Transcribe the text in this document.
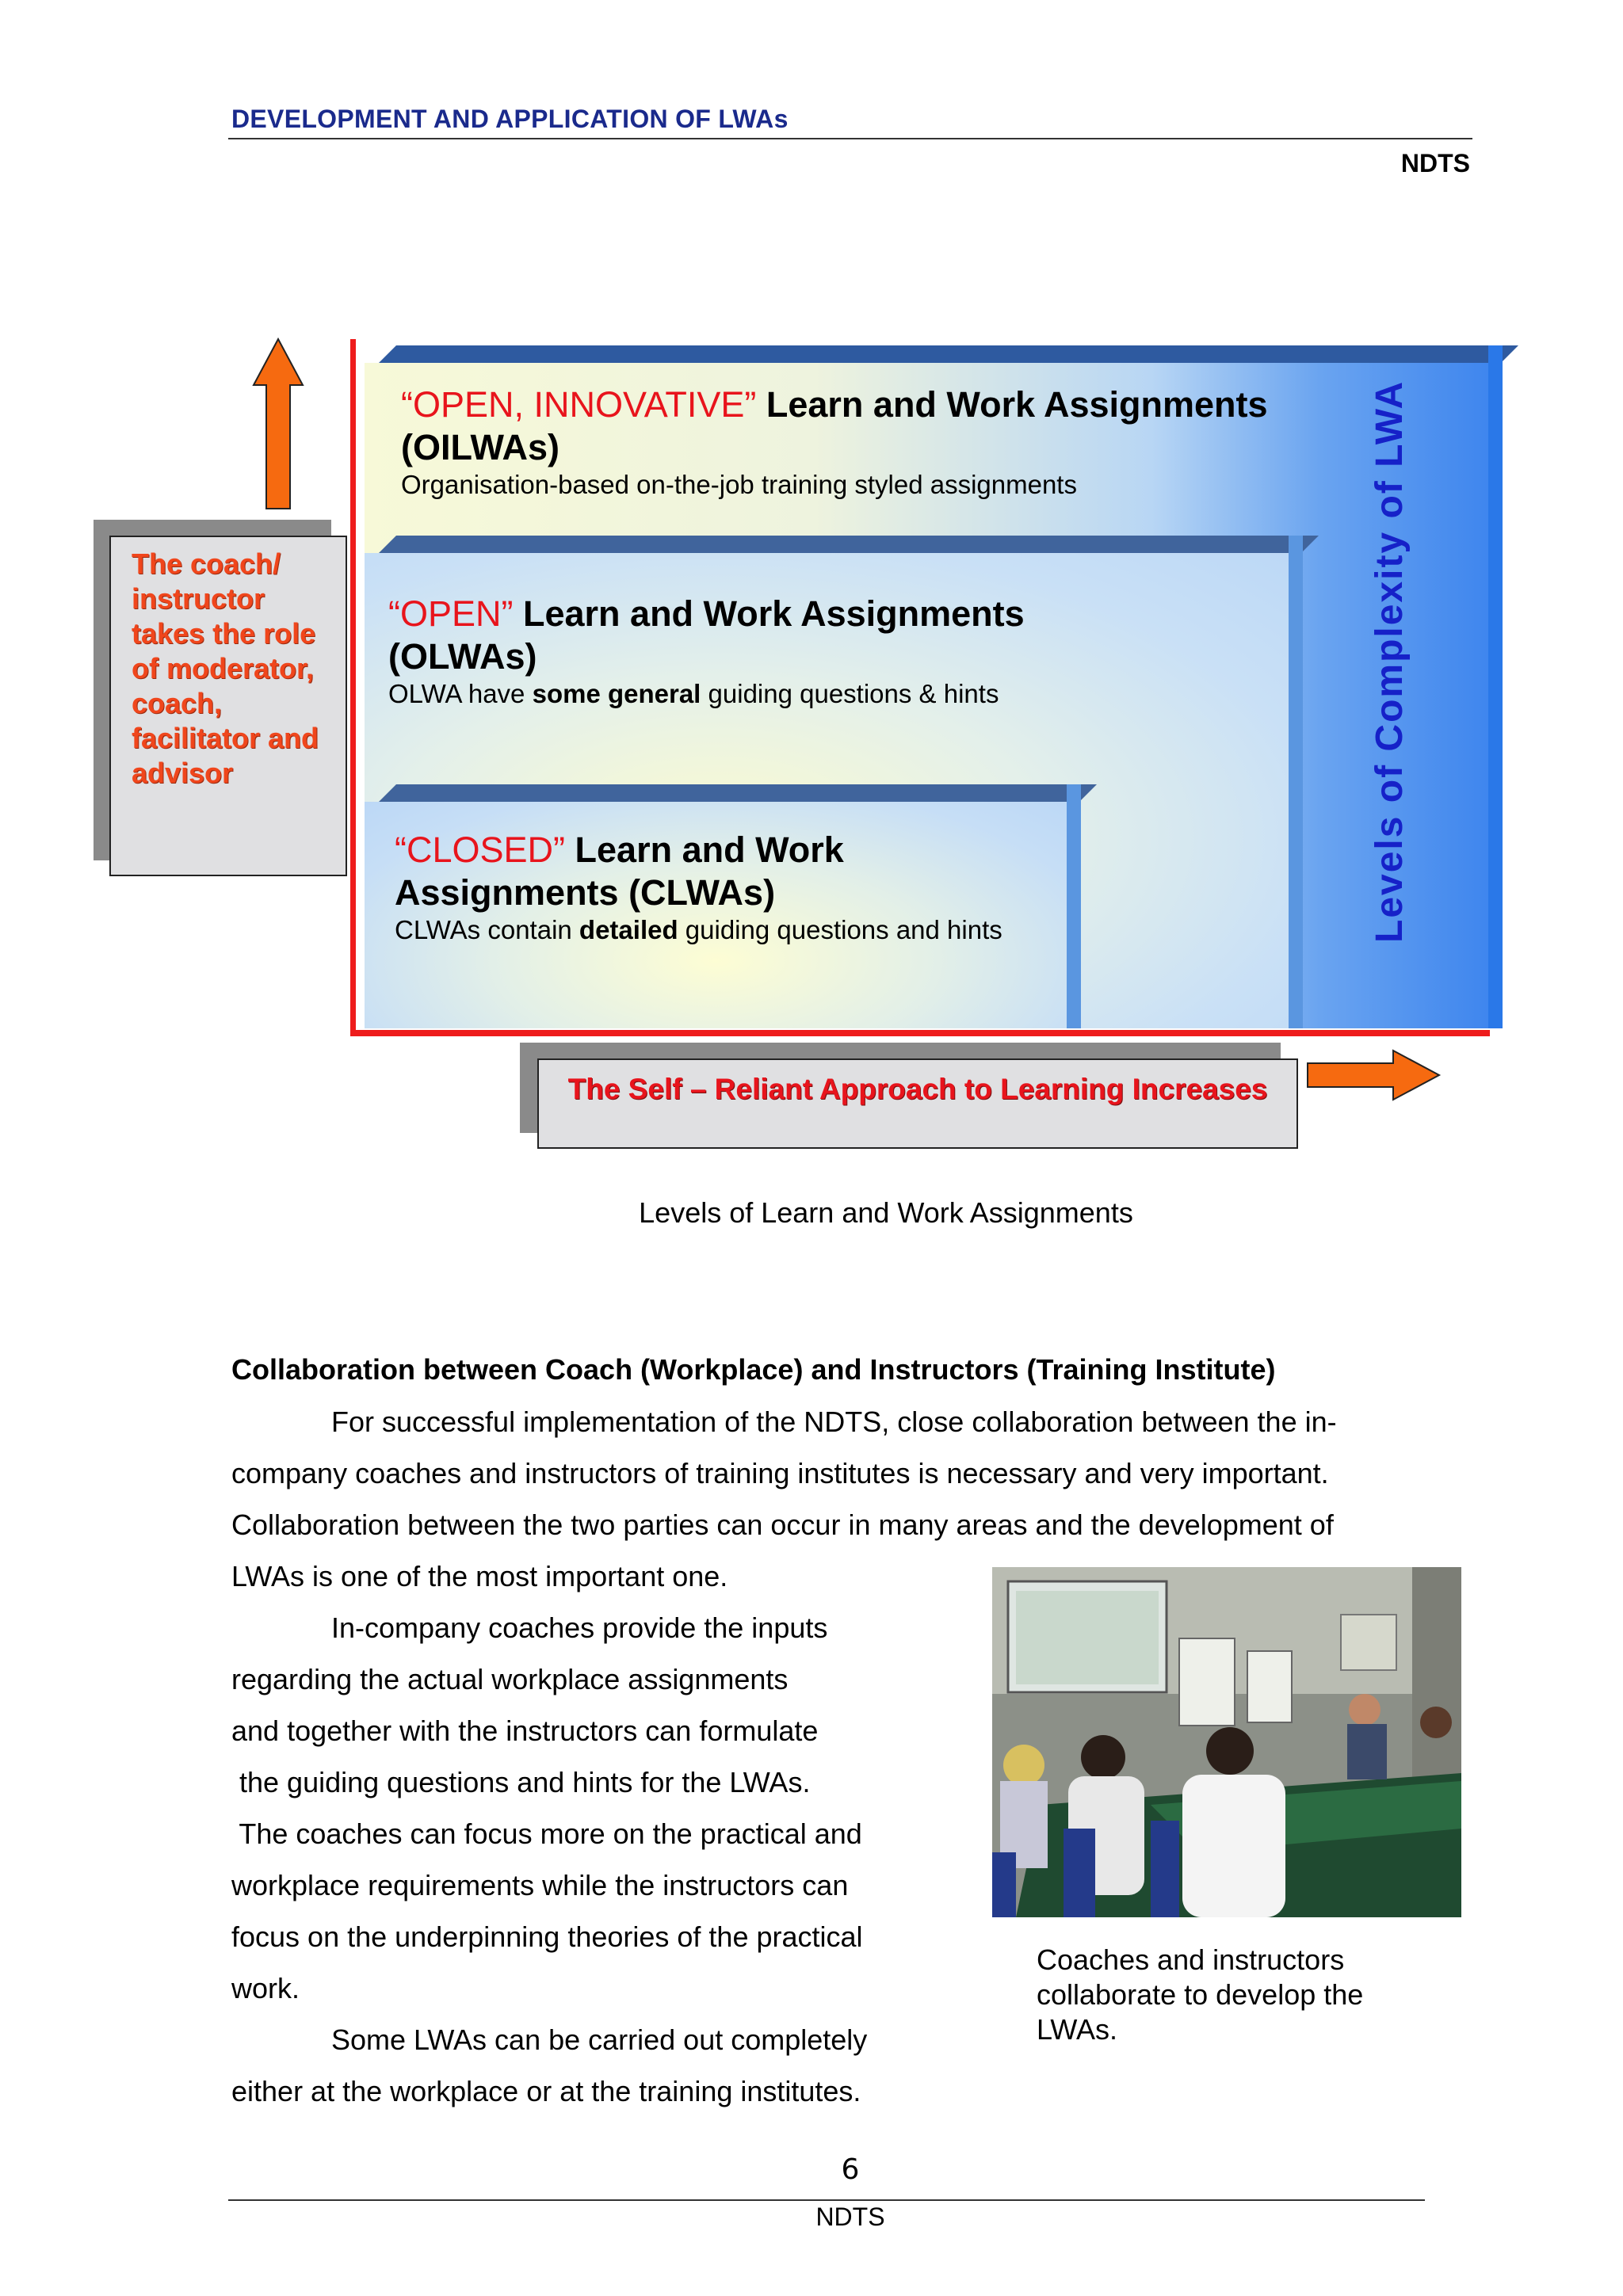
DEVELOPMENT AND APPLICATION OF LWAs
NDTS
“OPEN, INNOVATIVE” Learn and Work Assignments (OILWAs)
Organisation-based on-the-job training styled assignments
“OPEN” Learn and Work Assignments (OLWAs)
OLWA have some general guiding questions & hints
“CLOSED” Learn and Work Assignments (CLWAs)
CLWAs contain detailed guiding questions and hints	Levels of Complexity of LWA
The coach/ instructor takes the role of moderator, coach, facilitator and advisor
The Self – Reliant Approach to Learning Increases
Levels of Learn and Work Assignments
Collaboration between Coach (Workplace) and Instructors (Training Institute)
For successful implementation of the NDTS, close collaboration between the in-
company coaches and instructors of training institutes is necessary and very important.
Collaboration between the two parties can occur in many areas and the development of
LWAs is one of the most important one.
In-company coaches provide the inputs
regarding the actual workplace assignments
and together with the instructors can formulate
the guiding questions and hints for the LWAs.
The coaches can focus more on the practical and
workplace requirements while the instructors can
focus on the underpinning theories of the practical
work.
Some LWAs can be carried out completely
either at the workplace or at the training institutes.
Coaches and instructors collaborate to develop the LWAs.
6
NDTS
